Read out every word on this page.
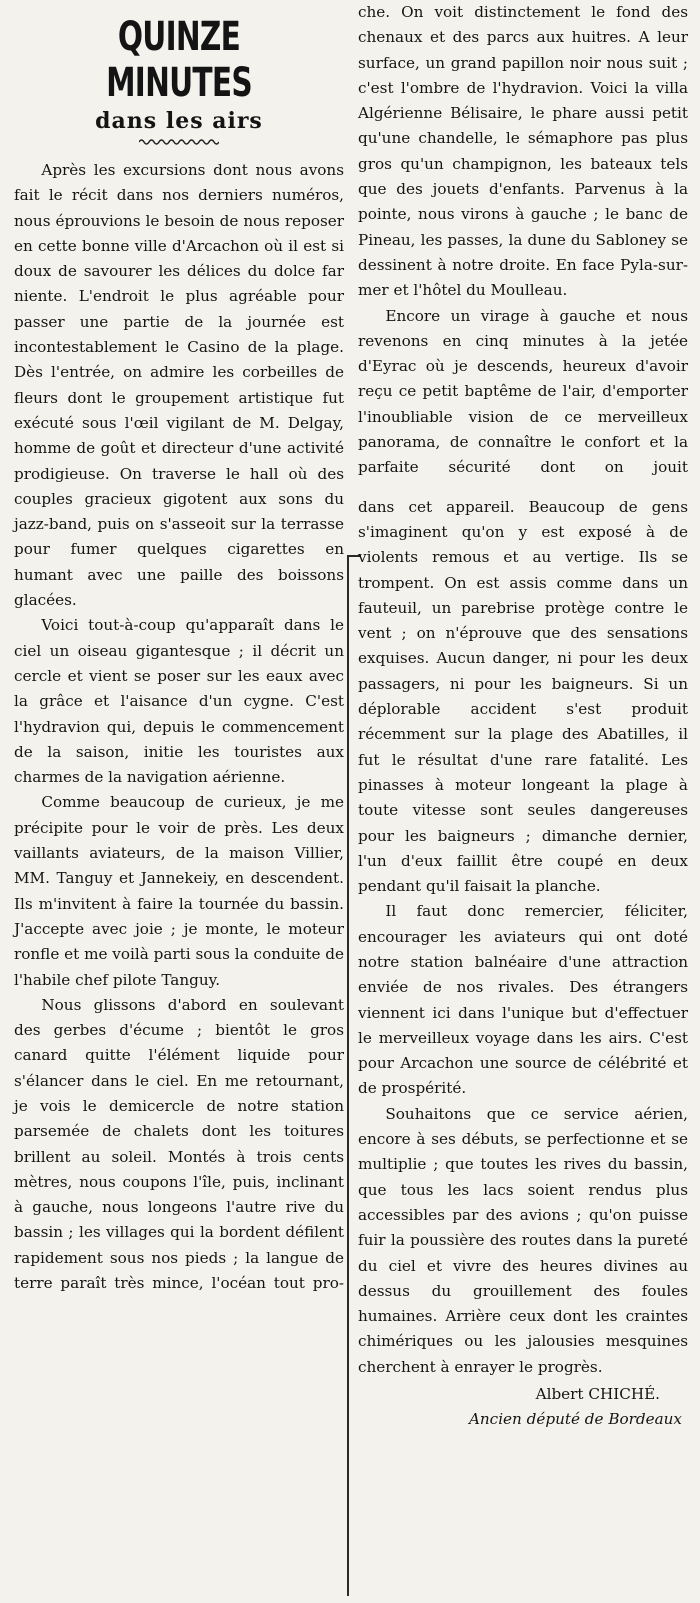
QUINZE MINUTES
dans les airs

Après les excursions dont nous avons fait le récit dans nos derniers numéros, nous éprouvions le besoin de nous reposer en cette bonne ville d'Arcachon où il est si doux de savourer les délices du dolce far niente. L'endroit le plus agréable pour passer une partie de la journée est incontestablement le Casino de la plage. Dès l'entrée, on admire les corbeilles de fleurs dont le groupement artistique fut exécuté sous l'œil vigilant de M. Delgay, homme de goût et directeur d'une activité prodigieuse. On traverse le hall où des couples gracieux gigotent aux sons du jazz-band, puis on s'asseoit sur la terrasse pour fumer quelques cigarettes en humant avec une paille des boissons glacées.

Voici tout-à-coup qu'apparaît dans le ciel un oiseau gigantesque ; il décrit un cercle et vient se poser sur les eaux avec la grâce et l'aisance d'un cygne. C'est l'hydravion qui, depuis le commencement de la saison, initie les touristes aux charmes de la navigation aérienne.

Comme beaucoup de curieux, je me précipite pour le voir de près. Les deux vaillants aviateurs, de la maison Villier, MM. Tanguy et Jannekeiy, en descendent. Ils m'invitent à faire la tournée du bassin. J'accepte avec joie ; je monte, le moteur ronfle et me voilà parti sous la conduite de l'habile chef pilote Tanguy.

Nous glissons d'abord en soulevant des gerbes d'écume ; bientôt le gros canard quitte l'élément liquide pour s'élancer dans le ciel. En me retournant, je vois le demicercle de notre station parsemée de chalets dont les toitures brillent au soleil. Montés à trois cents mètres, nous coupons l'île, puis, inclinant à gauche, nous longeons l'autre rive du bassin ; les villages qui la bordent défilent rapidement sous nos pieds ; la langue de terre paraît très mince, l'océan tout pro-

che. On voit distinctement le fond des chenaux et des parcs aux huitres. A leur surface, un grand papillon noir nous suit ; c'est l'ombre de l'hydravion. Voici la villa Algérienne Bélisaire, le phare aussi petit qu'une chandelle, le sémaphore pas plus gros qu'un champignon, les bateaux tels que des jouets d'enfants. Parvenus à la pointe, nous virons à gauche ; le banc de Pineau, les passes, la dune du Sabloney se dessinent à notre droite. En face Pyla-sur-mer et l'hôtel du Moulleau.

Encore un virage à gauche et nous revenons en cinq minutes à la jetée d'Eyrac où je descends, heureux d'avoir reçu ce petit baptême de l'air, d'emporter l'inoubliable vision de ce merveilleux panorama, de connaître le confort et la parfaite sécurité dont on jouit

dans cet appareil. Beaucoup de gens s'imaginent qu'on y est exposé à de violents remous et au vertige. Ils se trompent. On est assis comme dans un fauteuil, un parebrise protège contre le vent ; on n'éprouve que des sensations exquises. Aucun danger, ni pour les deux passagers, ni pour les baigneurs. Si un déplorable accident s'est produit récemment sur la plage des Abatilles, il fut le résultat d'une rare fatalité. Les pinasses à moteur longeant la plage à toute vitesse sont seules dangereuses pour les baigneurs ; dimanche dernier, l'un d'eux faillit être coupé en deux pendant qu'il faisait la planche.

Il faut donc remercier, féliciter, encourager les aviateurs qui ont doté notre station balnéaire d'une attraction enviée de nos rivales. Des étrangers viennent ici dans l'unique but d'effectuer le merveilleux voyage dans les airs. C'est pour Arcachon une source de célébrité et de prospérité.

Souhaitons que ce service aérien, encore à ses débuts, se perfectionne et se multiplie ; que toutes les rives du bassin, que tous les lacs soient rendus plus accessibles par des avions ; qu'on puisse fuir la poussière des routes dans la pureté du ciel et vivre des heures divines au dessus du grouillement des foules humaines. Arrière ceux dont les craintes chimériques ou les jalousies mesquines cherchent à enrayer le progrès.

Albert CHICHÉ.

Ancien député de Bordeaux
